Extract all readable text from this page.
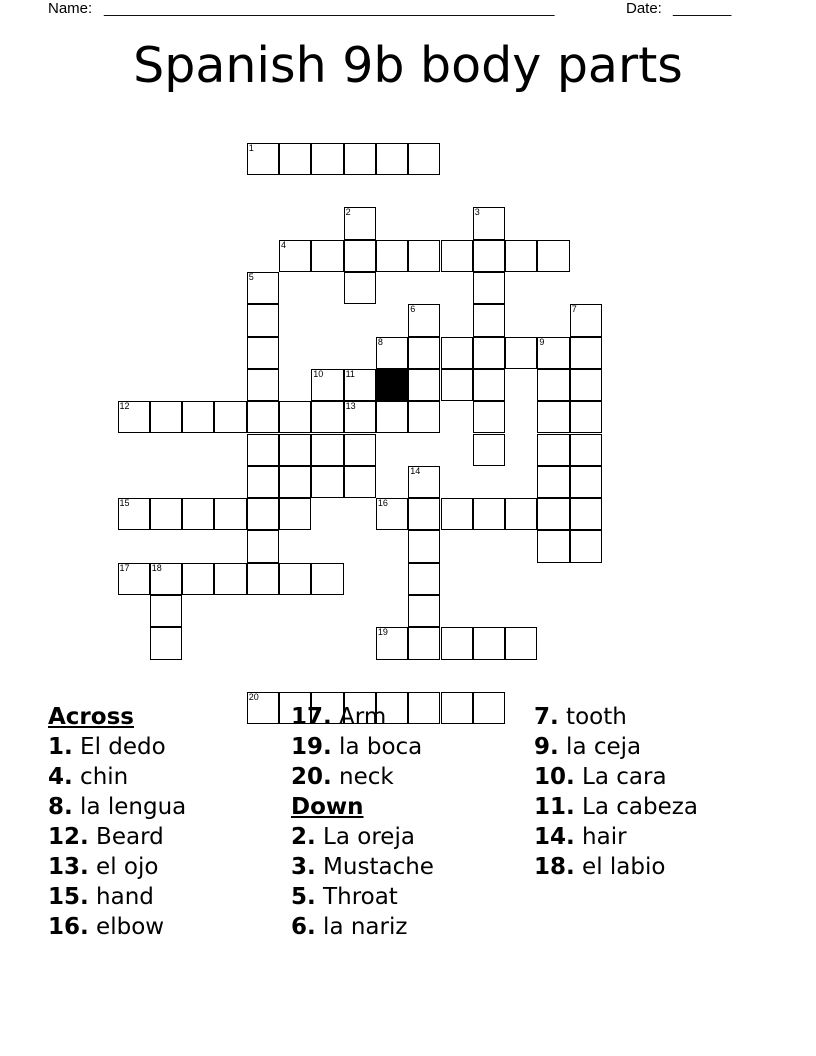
Name: ______________________________________________________	Date: _______
Spanish 9b body parts
1
2	3
4
5
6	7
8	9
10 11
12	13
14
15	16
17 18
19
20
Across
1. El dedo
4. chin
8. la lengua
12. Beard
13. el ojo
15. hand
16. elbow
17. Arm
19. la boca
20. neck
Down
2. La oreja
3. Mustache
5. Throat
6. la nariz
7. tooth
9. la ceja
10. La cara
11. La cabeza
14. hair
18. el labio
